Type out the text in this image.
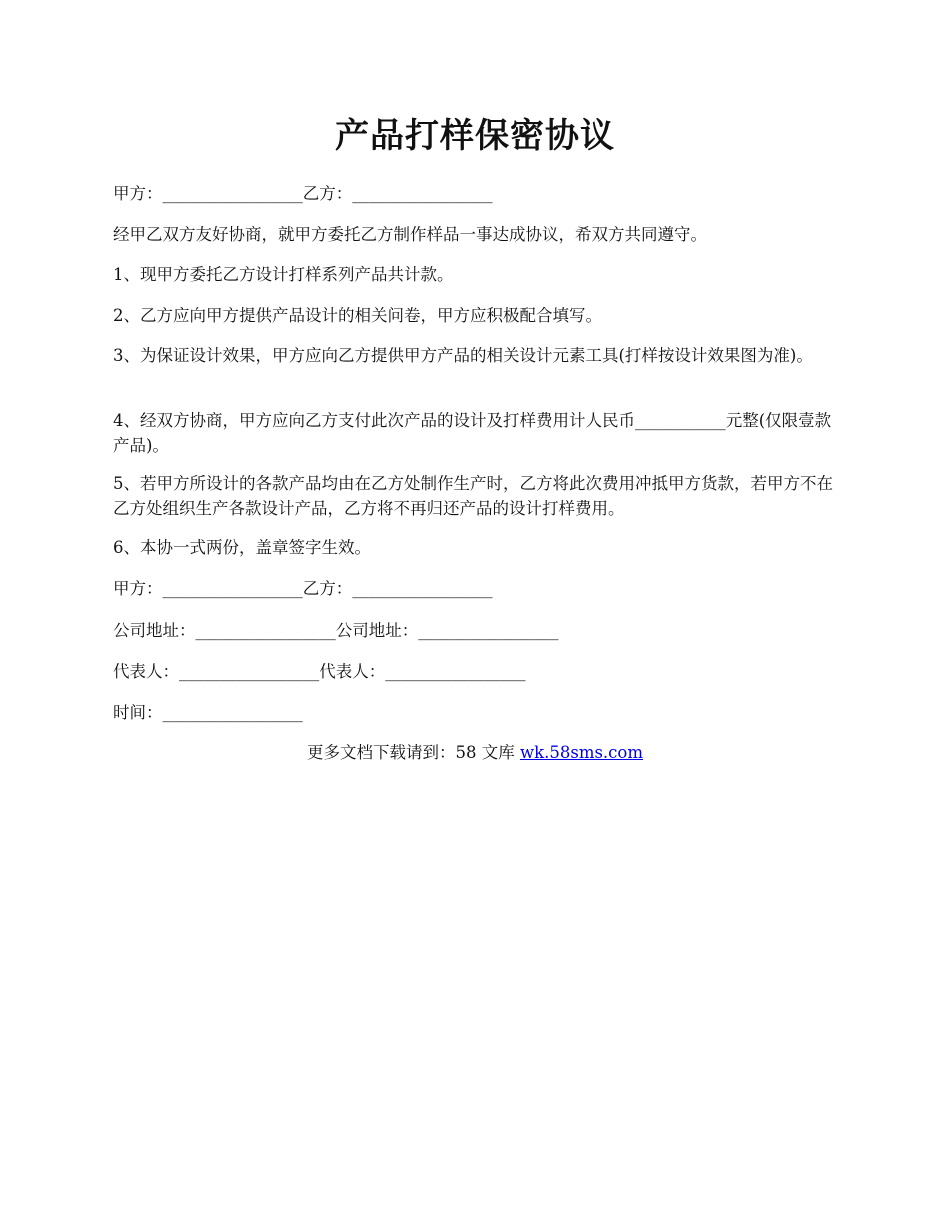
产品打样保密协议
甲方：_________________乙方：_________________
经甲乙双方友好协商，就甲方委托乙方制作样品一事达成协议，希双方共同遵守。
1、现甲方委托乙方设计打样系列产品共计款。
2、乙方应向甲方提供产品设计的相关问卷，甲方应积极配合填写。
3、为保证设计效果，甲方应向乙方提供甲方产品的相关设计元素工具(打样按设计效果图为准)。
4、经双方协商，甲方应向乙方支付此次产品的设计及打样费用计人民币___________元整(仅限壹款产品)。
5、若甲方所设计的各款产品均由在乙方处制作生产时，乙方将此次费用冲抵甲方货款，若甲方不在乙方处组织生产各款设计产品，乙方将不再归还产品的设计打样费用。
6、本协一式两份，盖章签字生效。
甲方：_________________乙方：_________________
公司地址：_________________公司地址：_________________
代表人：_________________代表人：_________________
时间：_________________
更多文档下载请到：58 文库 wk.58sms.com
